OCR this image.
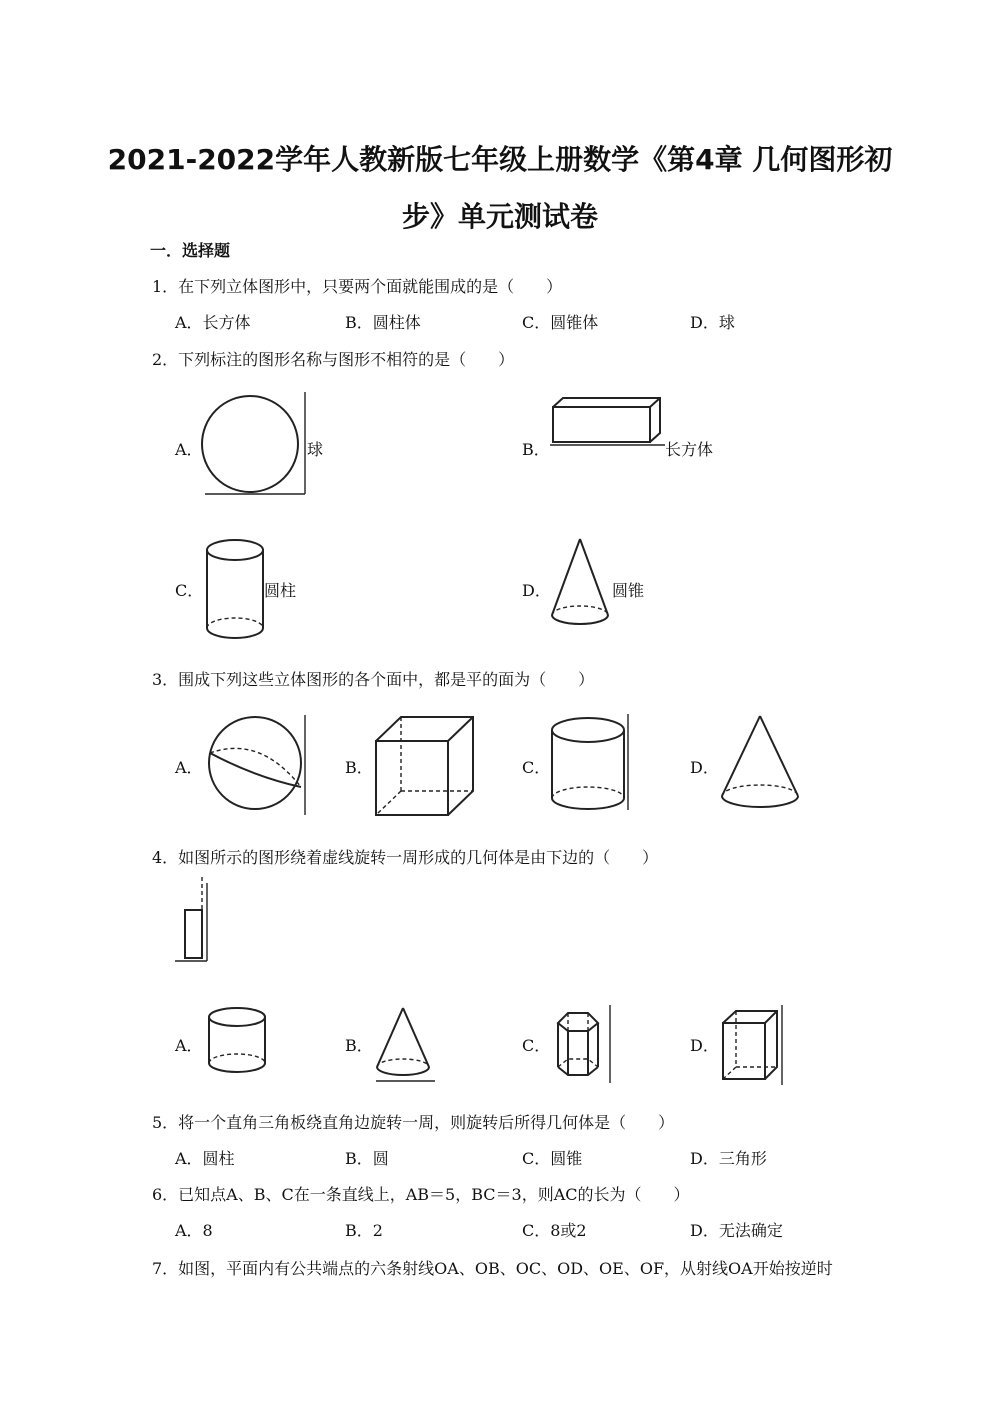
2021-2022学年人教新版七年级上册数学《第4章 几何图形初
步》单元测试卷
一．选择题
1．在下列立体图形中，只要两个面就能围成的是（　　）
A．长方体	B．圆柱体	C．圆锥体	D．球
2．下列标注的图形名称与图形不相符的是（　　）
A．	球	B．	长方体
C．	圆柱	D．	圆锥
3．围成下列这些立体图形的各个面中，都是平的面为（　　）
A．	B．	C．	D．
4．如图所示的图形绕着虚线旋转一周形成的几何体是由下边的（　　）
A．	B．	C．	D．
5．将一个直角三角板绕直角边旋转一周，则旋转后所得几何体是（　　）
A．圆柱	B．圆	C．圆锥	D．三角形
6．已知点A、B、C在一条直线上，AB＝5，BC＝3，则AC的长为（　　）
A．8	B．2	C．8或2	D．无法确定
7．如图，平面内有公共端点的六条射线OA、OB、OC、OD、OE、OF，从射线OA开始按逆时
